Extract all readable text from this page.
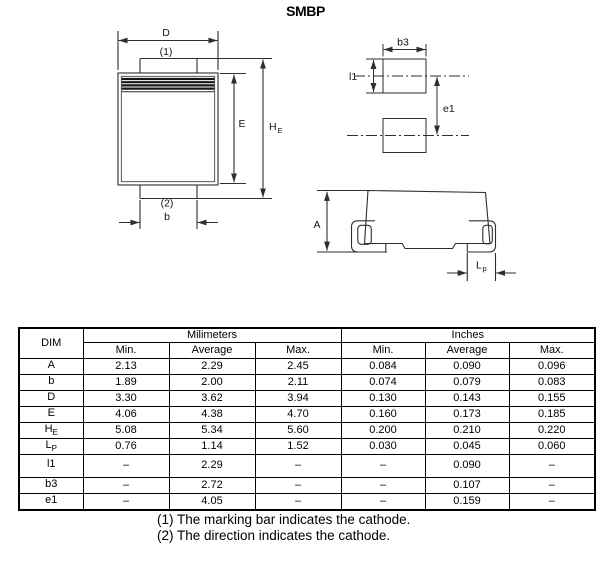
SMBP
D
(1)
E H E
(2)
b
b3
l1
e1
A
L p
DIM	Milimeters			Inches		
	Min.	Average	Max.	Min.	Average	Max.
A	2.13	2.29	2.45	0.084	0.090	0.096
b	1.89	2.00	2.11	0.074	0.079	0.083
D	3.30	3.62	3.94	0.130	0.143	0.155
E	4.06	4.38	4.70	0.160	0.173	0.185
$H_E$	5.08	5.34	5.60	0.200	0.210	0.220
$L_P$	0.76	1.14	1.52	0.030	0.045	0.060
l1	–	2.29	–	–	0.090	–
b3	–	2.72	–	–	0.107	–
e1	–	4.05	–	–	0.159	–
(1) The marking bar indicates the cathode.
(2) The direction indicates the cathode.
